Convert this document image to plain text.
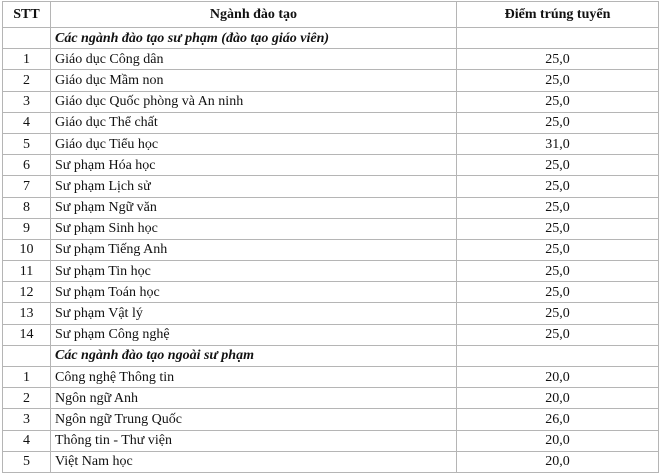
STT	Ngành đào tạo	Điểm trúng tuyển
	Các ngành đào tạo sư phạm (đào tạo giáo viên)	
1	Giáo dục Công dân	25,0
2	Giáo dục Mầm non	25,0
3	Giáo dục Quốc phòng và An ninh	25,0
4	Giáo dục Thể chất	25,0
5	Giáo dục Tiểu học	31,0
6	Sư phạm Hóa học	25,0
7	Sư phạm Lịch sử	25,0
8	Sư phạm Ngữ văn	25,0
9	Sư phạm Sinh học	25,0
10	Sư phạm Tiếng Anh	25,0
11	Sư phạm Tin học	25,0
12	Sư phạm Toán học	25,0
13	Sư phạm Vật lý	25,0
14	Sư phạm Công nghệ	25,0
	Các ngành đào tạo ngoài sư phạm	
1	Công nghệ Thông tin	20,0
2	Ngôn ngữ Anh	20,0
3	Ngôn ngữ Trung Quốc	26,0
4	Thông tin - Thư viện	20,0
5	Việt Nam học	20,0
